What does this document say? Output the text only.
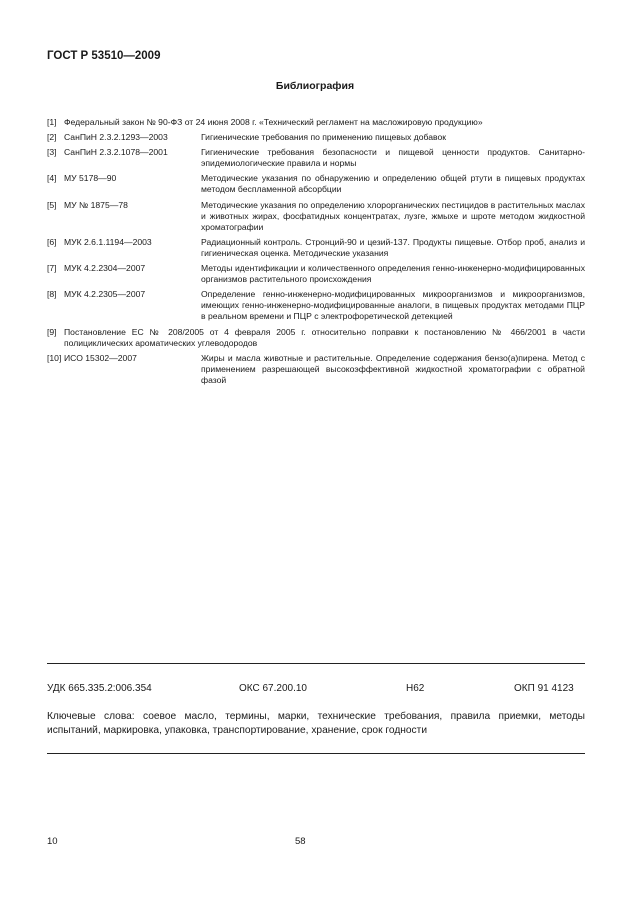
ГОСТ Р 53510—2009
Библиография
[1] Федеральный закон № 90-ФЗ от 24 июня 2008 г. «Технический регламент на масложировую продукцию»
[2] СанПиН 2.3.2.1293—2003	Гигиенические требования по применению пищевых добавок
[3] СанПиН 2.3.2.1078—2001	Гигиенические требования безопасности и пищевой ценности продуктов. Санитарно-эпидемиологические правила и нормы
[4] МУ 5178—90	Методические указания по обнаружению и определению общей ртути в пищевых продуктах методом беспламенной абсорбции
[5] МУ № 1875—78	Методические указания по определению хлорорганических пестицидов в растительных маслах и животных жирах, фосфатидных концентратах, лузге, жмыхе и шроте методом жидкостной хроматографии
[6] МУК 2.6.1.1194—2003	Радиационный контроль. Стронций-90 и цезий-137. Продукты пищевые. Отбор проб, анализ и гигиеническая оценка. Методические указания
[7] МУК 4.2.2304—2007	Методы идентификации и количественного определения генно-инженерно-модифицированных организмов растительного происхождения
[8] МУК 4.2.2305—2007	Определение генно-инженерно-модифицированных микроорганизмов и микроорганизмов, имеющих генно-инженерно-модифицированные аналоги, в пищевых продуктах методами ПЦР в реальном времени и ПЦР с электрофоретической детекцией
[9] Постановление ЕС № 208/2005 от 4 февраля 2005 г. относительно поправки к постановлению № 466/2001 в части полициклических ароматических углеводородов
[10] ИСО 15302—2007	Жиры и масла животные и растительные. Определение содержания бензо(а)пирена. Метод с применением разрешающей высокоэффективной жидкостной хроматографии с обратной фазой
УДК 665.335.2:006.354	ОКС 67.200.10	Н62	ОКП 91 4123
Ключевые слова: соевое масло, термины, марки, технические требования, правила приемки, методы испытаний, маркировка, упаковка, транспортирование, хранение, срок годности
10	58
